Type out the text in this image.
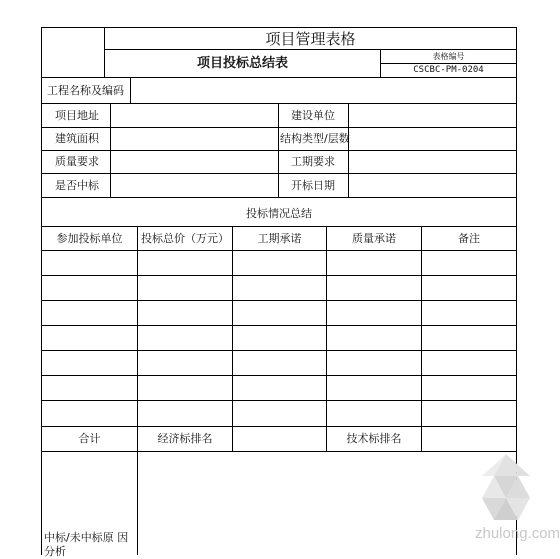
项目管理表格
项目投标总结表	表格编号
CSCBC-PM-0204
工程名称及编码
项目地址	建设单位
建筑面积	结构类型/层数
质量要求	工期要求
是否中标	开标日期
投标情况总结
参加投标单位	投标总价（万元）	工期承诺	质量承诺	备注
合计	经济标排名	技术标排名
中标/未中标原 因分析
zhulong.com
